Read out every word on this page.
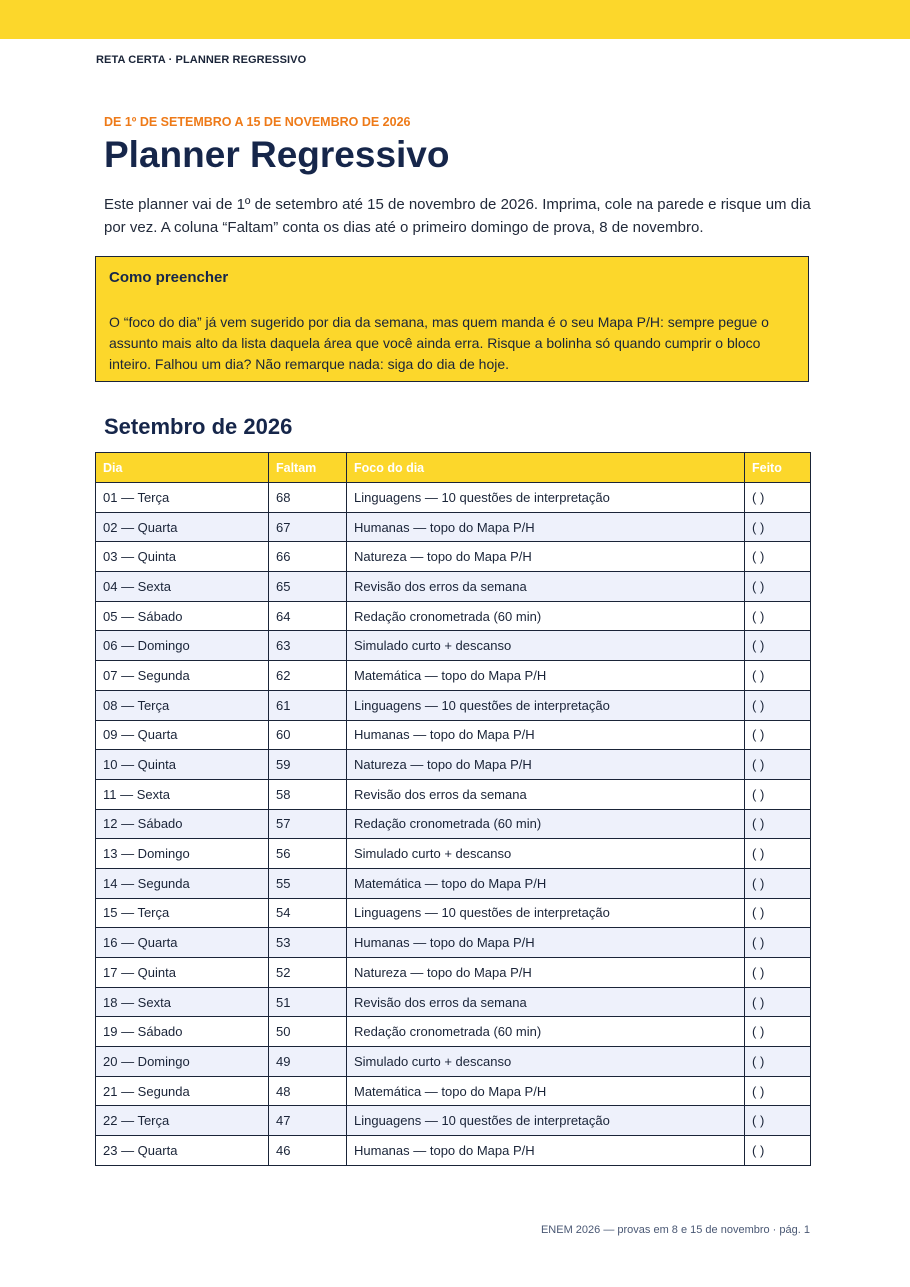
RETA CERTA · PLANNER REGRESSIVO
DE 1º DE SETEMBRO A 15 DE NOVEMBRO DE 2026
Planner Regressivo

Este planner vai de 1º de setembro até 15 de novembro de 2026. Imprima, cole na parede e risque um dia por vez. A coluna “Faltam” conta os dias até o primeiro domingo de prova, 8 de novembro.

Como preencher

O “foco do dia” já vem sugerido por dia da semana, mas quem manda é o seu Mapa P/H: sempre pegue o assunto mais alto da lista daquela área que você ainda erra. Risque a bolinha só quando cumprir o bloco inteiro. Falhou um dia? Não remarque nada: siga do dia de hoje.

Setembro de 2026
Dia	Faltam	Foco do dia	Feito
01 — Terça	68	Linguagens — 10 questões de interpretação	( )
02 — Quarta	67	Humanas — topo do Mapa P/H	( )
03 — Quinta	66	Natureza — topo do Mapa P/H	( )
04 — Sexta	65	Revisão dos erros da semana	( )
05 — Sábado	64	Redação cronometrada (60 min)	( )
06 — Domingo	63	Simulado curto + descanso	( )
07 — Segunda	62	Matemática — topo do Mapa P/H	( )
08 — Terça	61	Linguagens — 10 questões de interpretação	( )
09 — Quarta	60	Humanas — topo do Mapa P/H	( )
10 — Quinta	59	Natureza — topo do Mapa P/H	( )
11 — Sexta	58	Revisão dos erros da semana	( )
12 — Sábado	57	Redação cronometrada (60 min)	( )
13 — Domingo	56	Simulado curto + descanso	( )
14 — Segunda	55	Matemática — topo do Mapa P/H	( )
15 — Terça	54	Linguagens — 10 questões de interpretação	( )
16 — Quarta	53	Humanas — topo do Mapa P/H	( )
17 — Quinta	52	Natureza — topo do Mapa P/H	( )
18 — Sexta	51	Revisão dos erros da semana	( )
19 — Sábado	50	Redação cronometrada (60 min)	( )
20 — Domingo	49	Simulado curto + descanso	( )
21 — Segunda	48	Matemática — topo do Mapa P/H	( )
22 — Terça	47	Linguagens — 10 questões de interpretação	( )
23 — Quarta	46	Humanas — topo do Mapa P/H	( )
ENEM 2026 — provas em 8 e 15 de novembro · pág. 1
